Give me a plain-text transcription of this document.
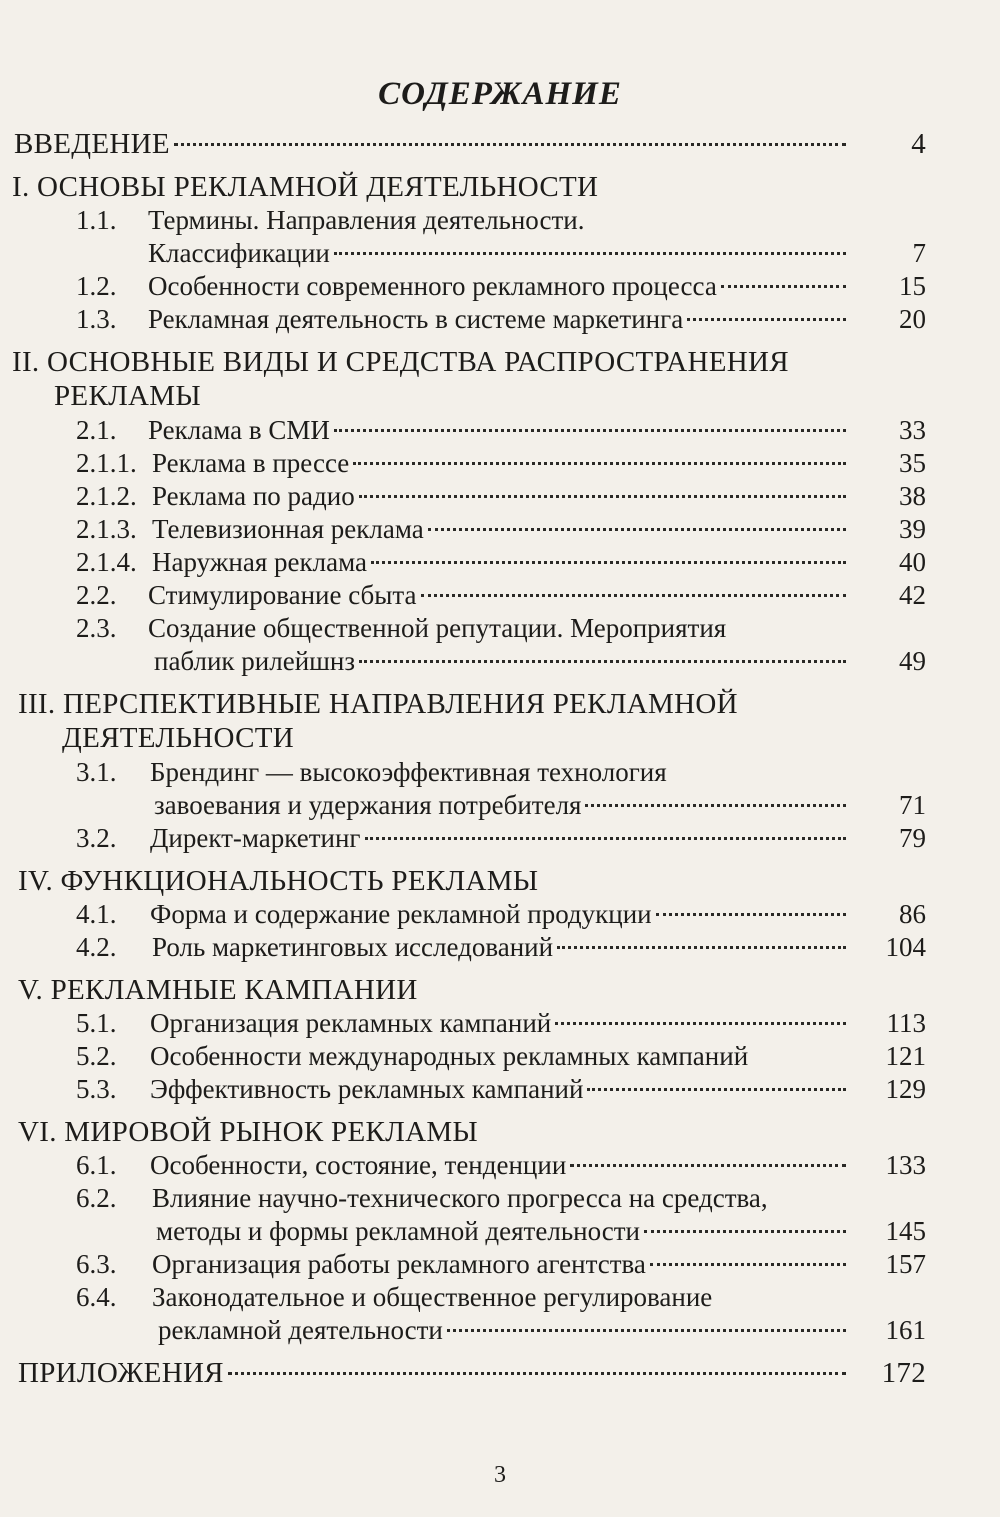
СОДЕРЖАНИЕ
ВВЕДЕНИЕ	4
I. ОСНОВЫ РЕКЛАМНОЙ ДЕЯТЕЛЬНОСТИ
1.1. Термины. Направления деятельности.
Классификации	7
1.2. Особенности современного рекламного процесса	15
1.3. Рекламная деятельность в системе маркетинга	20
II. ОСНОВНЫЕ ВИДЫ И СРЕДСТВА РАСПРОСТРАНЕНИЯ
РЕКЛАМЫ
2.1. Реклама в СМИ	33
2.1.1. Реклама в прессе	35
2.1.2. Реклама по радио	38
2.1.3. Телевизионная реклама	39
2.1.4. Наружная реклама	40
2.2. Стимулирование сбыта	42
2.3. Создание общественной репутации. Мероприятия
паблик рилейшнз	49
III. ПЕРСПЕКТИВНЫЕ НАПРАВЛЕНИЯ РЕКЛАМНОЙ
ДЕЯТЕЛЬНОСТИ
3.1. Брендинг — высокоэффективная технология
завоевания и удержания потребителя	71
3.2. Директ-маркетинг	79
IV. ФУНКЦИОНАЛЬНОСТЬ РЕКЛАМЫ
4.1. Форма и содержание рекламной продукции	86
4.2. Роль маркетинговых исследований	104
V. РЕКЛАМНЫЕ КАМПАНИИ
5.1. Организация рекламных кампаний	113
5.2. Особенности международных рекламных кампаний	121
5.3. Эффективность рекламных кампаний	129
VI. МИРОВОЙ РЫНОК РЕКЛАМЫ
6.1. Особенности, состояние, тенденции	133
6.2. Влияние научно-технического прогресса на средства,
методы и формы рекламной деятельности	145
6.3. Организация работы рекламного агентства	157
6.4. Законодательное и общественное регулирование
рекламной деятельности	161
ПРИЛОЖЕНИЯ	172
3
